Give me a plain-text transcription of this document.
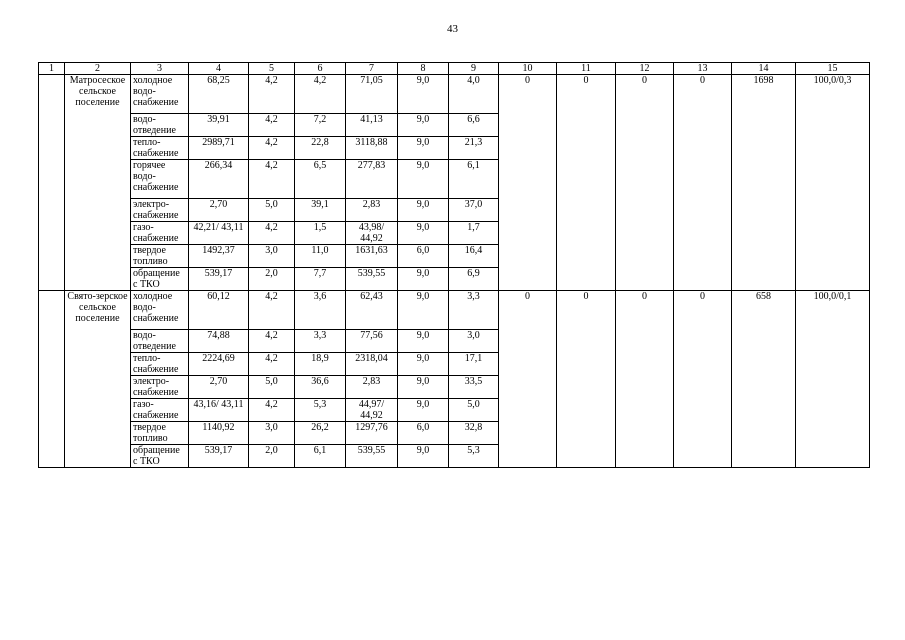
43
1	2	3	4	5	6	7	8	9	10	11	12	13	14	15
	Матросеское сельское поселение	холодное водо-снабжение	68,25	4,2	4,2	71,05	9,0	4,0	0	0	0	0	1698	100,0/0,3
		водо-отведение	39,91	4,2	7,2	41,13	9,0	6,6						
		тепло-снабжение	2989,71	4,2	22,8	3118,88	9,0	21,3						
		горячее водо-снабжение	266,34	4,2	6,5	277,83	9,0	6,1						
		электро-снабжение	2,70	5,0	39,1	2,83	9,0	37,0						
		газо-снабжение	42,21/ 43,11	4,2	1,5	43,98/ 44,92	9,0	1,7						
		твердое топливо	1492,37	3,0	11,0	1631,63	6,0	16,4						
		обращение с ТКО	539,17	2,0	7,7	539,55	9,0	6,9						
	Свято-зерское сельское поселение	холодное водо-снабжение	60,12	4,2	3,6	62,43	9,0	3,3	0	0	0	0	658	100,0/0,1
		водо-отведение	74,88	4,2	3,3	77,56	9,0	3,0						
		тепло-снабжение	2224,69	4,2	18,9	2318,04	9,0	17,1						
		электро-снабжение	2,70	5,0	36,6	2,83	9,0	33,5						
		газо-снабжение	43,16/ 43,11	4,2	5,3	44,97/ 44,92	9,0	5,0						
		твердое топливо	1140,92	3,0	26,2	1297,76	6,0	32,8						
		обращение с ТКО	539,17	2,0	6,1	539,55	9,0	5,3						
